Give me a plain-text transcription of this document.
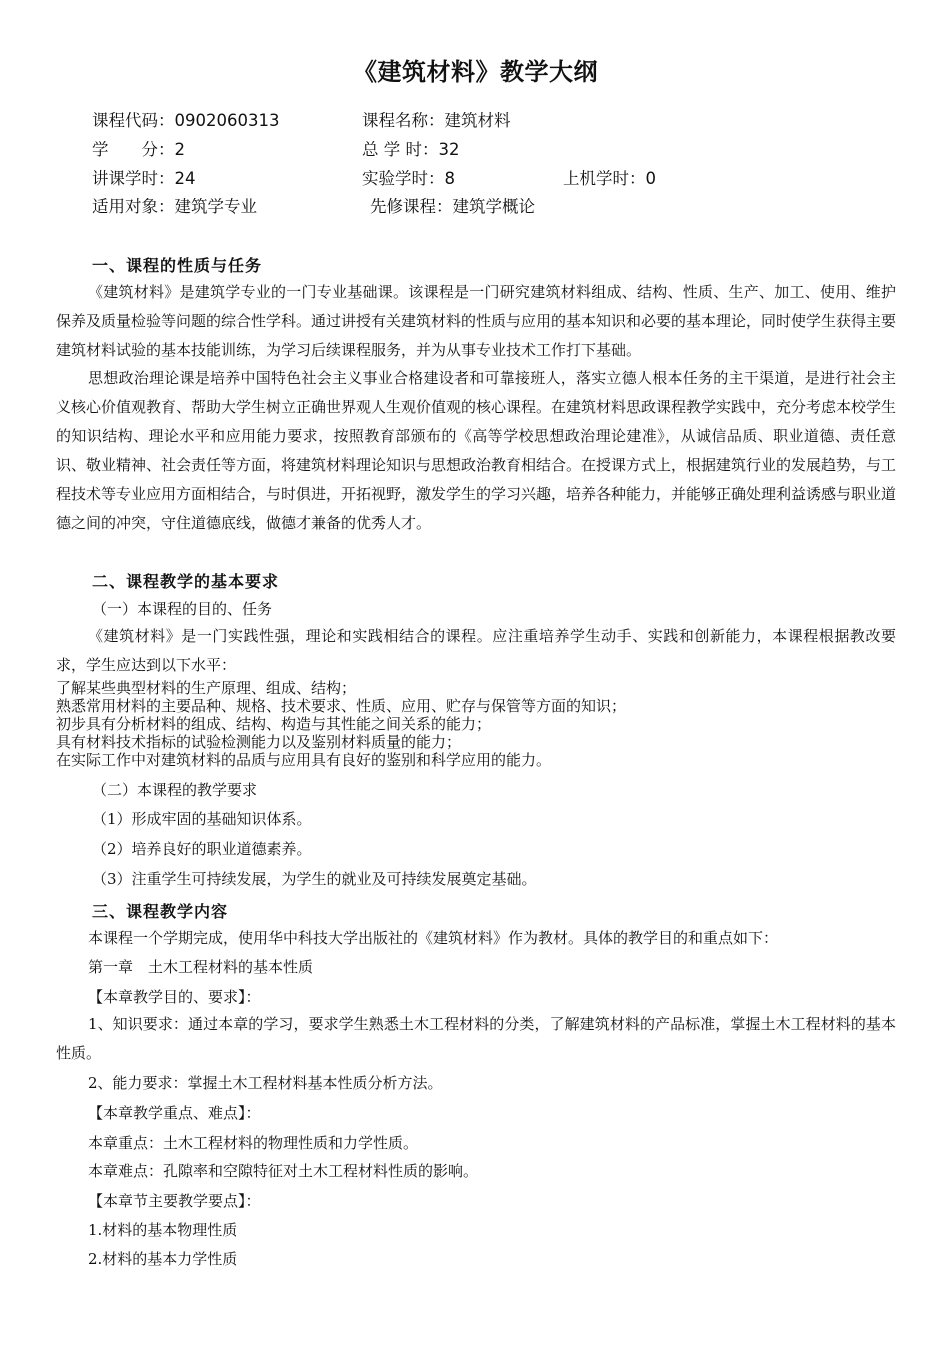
《建筑材料》教学大纲
课程代码：0902060313	课程名称：建筑材料
学　　分：2	总 学 时：32
讲课学时：24	实验学时：8	上机学时：0
适用对象：建筑学专业	先修课程：建筑学概论
一、课程的性质与任务

《建筑材料》是建筑学专业的一门专业基础课。该课程是一门研究建筑材料组成、结构、性质、生产、加工、使用、维护保养及质量检验等问题的综合性学科。通过讲授有关建筑材料的性质与应用的基本知识和必要的基本理论，同时使学生获得主要建筑材料试验的基本技能训练，为学习后续课程服务，并为从事专业技术工作打下基础。

思想政治理论课是培养中国特色社会主义事业合格建设者和可靠接班人，落实立德人根本任务的主干渠道，是进行社会主义核心价值观教育、帮助大学生树立正确世界观人生观价值观的核心课程。在建筑材料思政课程教学实践中，充分考虑本校学生的知识结构、理论水平和应用能力要求，按照教育部颁布的《高等学校思想政治理论建准》，从诚信品质、职业道德、责任意识、敬业精神、社会责任等方面，将建筑材料理论知识与思想政治教育相结合。在授课方式上，根据建筑行业的发展趋势，与工程技术等专业应用方面相结合，与时俱进，开拓视野，激发学生的学习兴趣，培养各种能力，并能够正确处理利益诱感与职业道德之间的冲突，守住道德底线，做德才兼备的优秀人才。

二、课程教学的基本要求
（一）本课程的目的、任务

《建筑材料》是一门实践性强，理论和实践相结合的课程。应注重培养学生动手、实践和创新能力，本课程根据教改要求，学生应达到以下水平：

了解某些典型材料的生产原理、组成、结构；
熟悉常用材料的主要品种、规格、技术要求、性质、应用、贮存与保管等方面的知识；
初步具有分析材料的组成、结构、构造与其性能之间关系的能力；
具有材料技术指标的试验检测能力以及鉴别材料质量的能力；
在实际工作中对建筑材料的品质与应用具有良好的鉴别和科学应用的能力。
（二）本课程的教学要求
（1）形成牢固的基础知识体系。
（2）培养良好的职业道德素养。
（3）注重学生可持续发展，为学生的就业及可持续发展奠定基础。
三、课程教学内容
本课程一个学期完成，使用华中科技大学出版社的《建筑材料》作为教材。具体的教学目的和重点如下：
第一章　土木工程材料的基本性质
【本章教学目的、要求】：

1、知识要求：通过本章的学习，要求学生熟悉土木工程材料的分类，了解建筑材料的产品标准，掌握土木工程材料的基本性质。

2、能力要求：掌握土木工程材料基本性质分析方法。
【本章教学重点、难点】：
本章重点：土木工程材料的物理性质和力学性质。
本章难点：孔隙率和空隙特征对土木工程材料性质的影响。
【本章节主要教学要点】：
1.材料的基本物理性质
2.材料的基本力学性质
